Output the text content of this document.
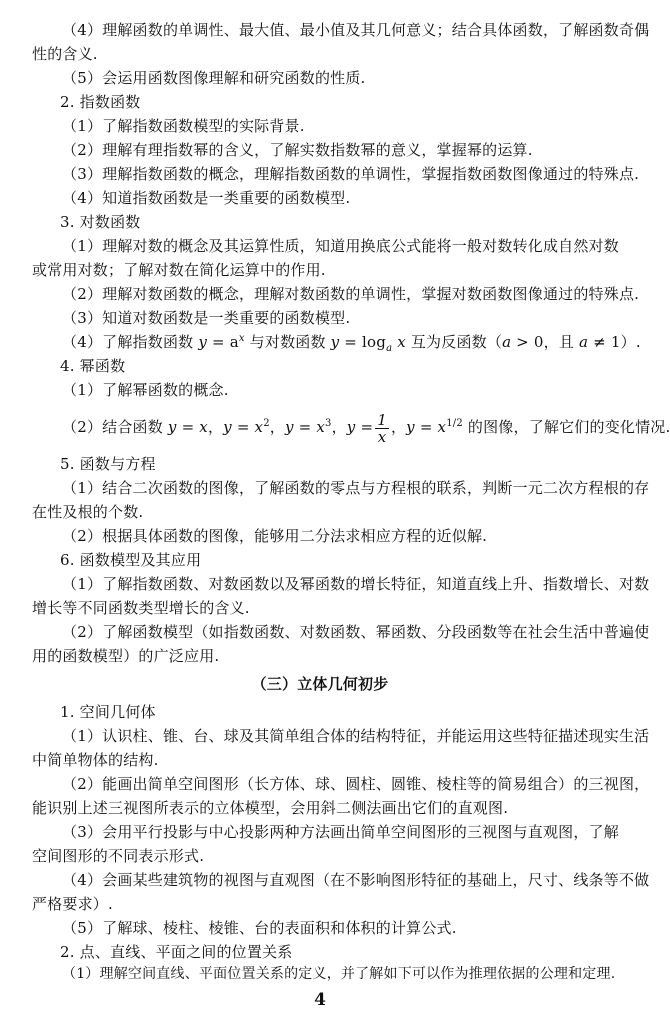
（4）理解函数的单调性、最大值、最小值及其几何意义；结合具体函数，了解函数奇偶
性的含义.
（5）会运用函数图像理解和研究函数的性质.
2. 指数函数
（1）了解指数函数模型的实际背景.
（2）理解有理指数幂的含义，了解实数指数幂的意义，掌握幂的运算.
（3）理解指数函数的概念，理解指数函数的单调性，掌握指数函数图像通过的特殊点.
（4）知道指数函数是一类重要的函数模型.
3. 对数函数
（1）理解对数的概念及其运算性质，知道用换底公式能将一般对数转化成自然对数
或常用对数；了解对数在简化运算中的作用.
（2）理解对数函数的概念，理解对数函数的单调性，掌握对数函数图像通过的特殊点.
（3）知道对数函数是一类重要的函数模型.
（4）了解指数函数 $y = a^x$ 与对数函数 $y = \log_a x$ 互为反函数（a > 0，且 a ≠ 1）.
4. 幂函数
（1）了解幂函数的概念.
（2）结合函数 y = x，$y = x^2$，$y = x^3$，$y = \frac{1}{x}$ ，$y = x^{1/2}$ 的图像，了解它们的变化情况.
5. 函数与方程
（1）结合二次函数的图像，了解函数的零点与方程根的联系，判断一元二次方程根的存
在性及根的个数.
（2）根据具体函数的图像，能够用二分法求相应方程的近似解.
6. 函数模型及其应用
（1）了解指数函数、对数函数以及幂函数的增长特征，知道直线上升、指数增长、对数
增长等不同函数类型增长的含义.
（2）了解函数模型（如指数函数、对数函数、幂函数、分段函数等在社会生活中普遍使
用的函数模型）的广泛应用.
（三）立体几何初步
1. 空间几何体
（1）认识柱、锥、台、球及其简单组合体的结构特征，并能运用这些特征描述现实生活
中简单物体的结构.
（2）能画出简单空间图形（长方体、球、圆柱、圆锥、棱柱等的简易组合）的三视图，
能识别上述三视图所表示的立体模型，会用斜二侧法画出它们的直观图.
（3）会用平行投影与中心投影两种方法画出简单空间图形的三视图与直观图，了解
空间图形的不同表示形式.
（4）会画某些建筑物的视图与直观图（在不影响图形特征的基础上，尺寸、线条等不做
严格要求）.
（5）了解球、棱柱、棱锥、台的表面积和体积的计算公式.
2. 点、直线、平面之间的位置关系
（1）理解空间直线、平面位置关系的定义，并了解如下可以作为推理依据的公理和定理.
4
